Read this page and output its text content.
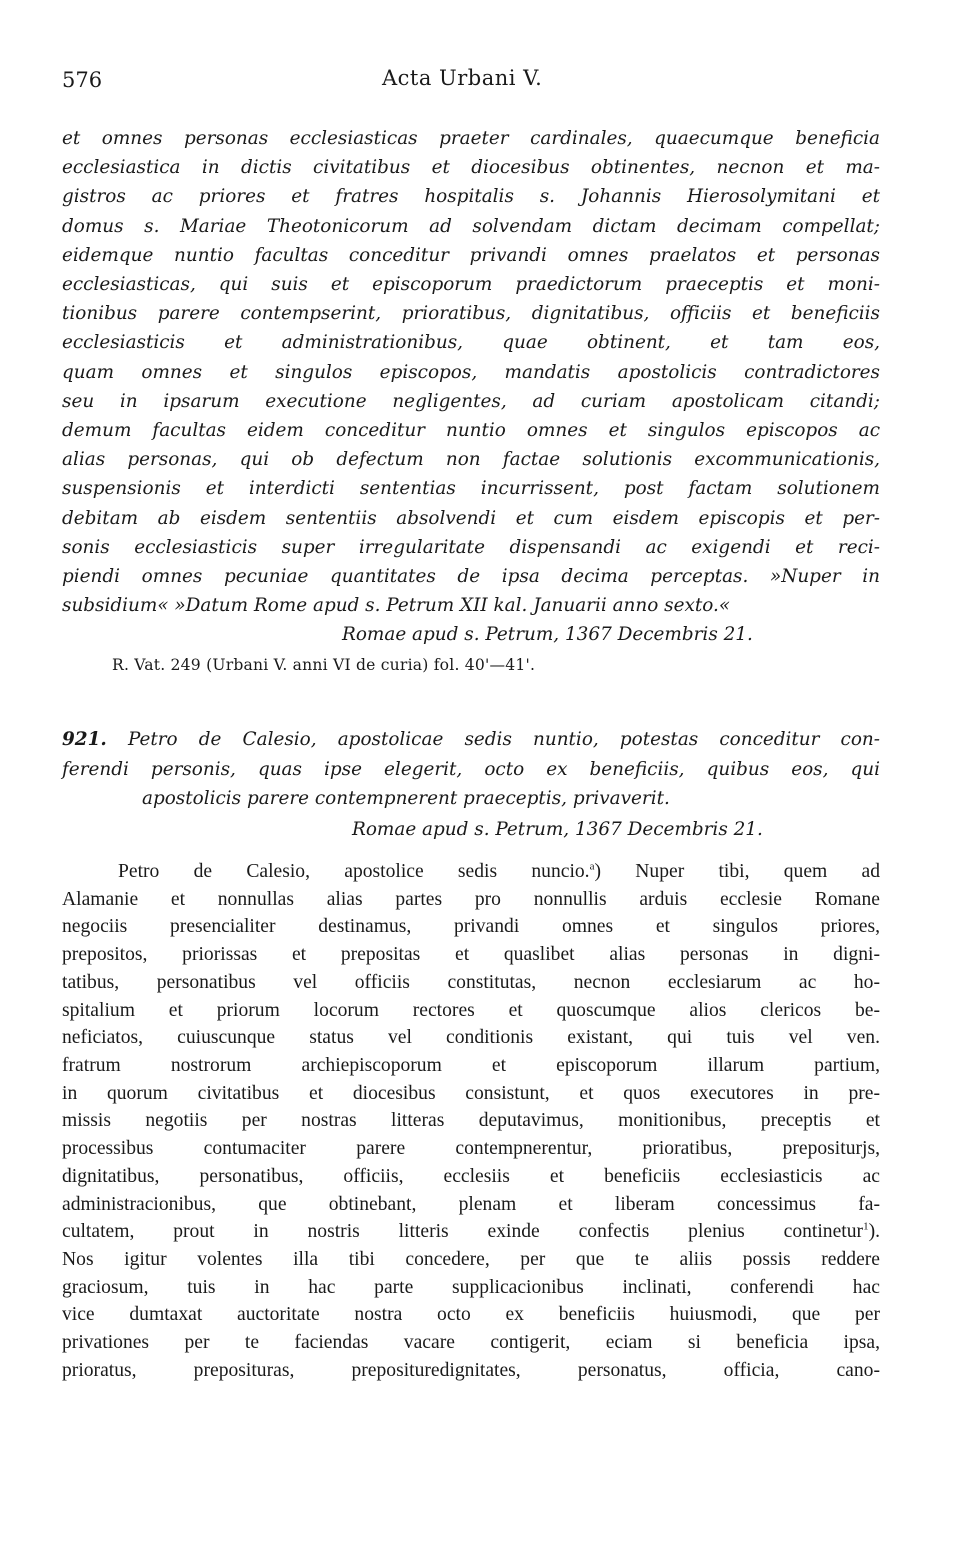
576	Acta Urbani V.
et omnes personas ecclesiasticas praeter cardinales, quaecumque beneficia
ecclesiastica in dictis civitatibus et diocesibus obtinentes, necnon et ma-
gistros ac priores et fratres hospitalis s. Johannis Hierosolymitani et
domus s. Mariae Theotonicorum ad solvendam dictam decimam compellat;
eidemque nuntio facultas conceditur privandi omnes praelatos et personas
ecclesiasticas, qui suis et episcoporum praedictorum praeceptis et moni-
tionibus parere contempserint, prioratibus, dignitatibus, officiis et beneficiis
ecclesiasticis et administrationibus, quae obtinent, et tam eos,
quam omnes et singulos episcopos, mandatis apostolicis contradictores
seu in ipsarum executione negligentes, ad curiam apostolicam citandi;
demum facultas eidem conceditur nuntio omnes et singulos episcopos ac
alias personas, qui ob defectum non factae solutionis excommunicationis,
suspensionis et interdicti sententias incurrissent, post factam solutionem
debitam ab eisdem sententiis absolvendi et cum eisdem episcopis et per-
sonis ecclesiasticis super irregularitate dispensandi ac exigendi et reci-
piendi omnes pecuniae quantitates de ipsa decima perceptas. »Nuper in
subsidium« »Datum Rome apud s. Petrum XII kal. Januarii anno sexto.«
Romae apud s. Petrum, 1367 Decembris 21.
R. Vat. 249 (Urbani V. anni VI de curia) fol. 40'—41'.
921. Petro de Calesio, apostolicae sedis nuntio, potestas conceditur con-
ferendi personis, quas ipse elegerit, octo ex beneficiis, quibus eos, qui
apostolicis parere contempnerent praeceptis, privaverit.
Romae apud s. Petrum, 1367 Decembris 21.
Petro de Calesio, apostolice sedis nuncio.$^a$) Nuper tibi, quem ad
Alamanie et nonnullas alias partes pro nonnullis arduis ecclesie Romane
negociis presencialiter destinamus, privandi omnes et singulos priores,
prepositos, priorissas et prepositas et quaslibet alias personas in digni-
tatibus, personatibus vel officiis constitutas, necnon ecclesiarum ac ho-
spitalium et priorum locorum rectores et quoscumque alios clericos be-
neficiatos, cuiuscunque status vel conditionis existant, qui tuis vel ven.
fratrum nostrorum archiepiscoporum et episcoporum illarum partium,
in quorum civitatibus et diocesibus consistunt, et quos executores in pre-
missis negotiis per nostras litteras deputavimus, monitionibus, preceptis et
processibus contumaciter parere contempnerentur, prioratibus, prepositurjs,
dignitatibus, personatibus, officiis, ecclesiis et beneficiis ecclesiasticis ac
administracionibus, que obtinebant, plenam et liberam concessimus fa-
cultatem, prout in nostris litteris exinde confectis plenius continetur$^1$).
Nos igitur volentes illa tibi concedere, per que te aliis possis reddere
graciosum, tuis in hac parte supplicacionibus inclinati, conferendi hac
vice dumtaxat auctoritate nostra octo ex beneficiis huiusmodi, que per
privationes per te faciendas vacare contigerit, eciam si beneficia ipsa,
prioratus, preposituras, preposituredignitates, personatus, officia, cano-
